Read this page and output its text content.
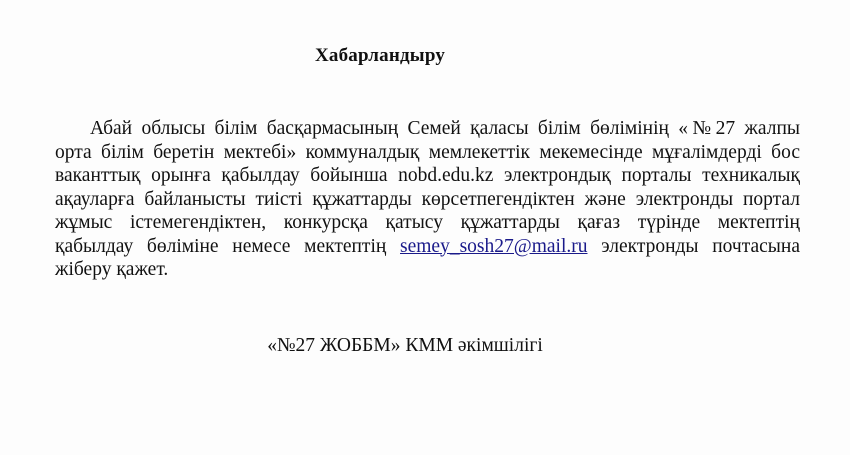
Хабарландыру
Абай облысы білім басқармасының Семей қаласы білім бөлімінің «№27 жалпы
орта білім беретін мектебі» коммуналдық мемлекеттік мекемесінде мұғалімдерді бос
ваканттық орынға қабылдау бойынша nobd.edu.kz электрондық порталы техникалық
ақауларға байланысты тиісті құжаттарды көрсетпегендіктен және электронды портал
жұмыс істемегендіктен, конкурсқа қатысу құжаттарды қағаз түрінде мектептің
қабылдау бөліміне немесе мектептің semey_sosh27@mail.ru электронды почтасына
жіберу қажет.
«№27 ЖОББМ» КММ әкімшілігі
